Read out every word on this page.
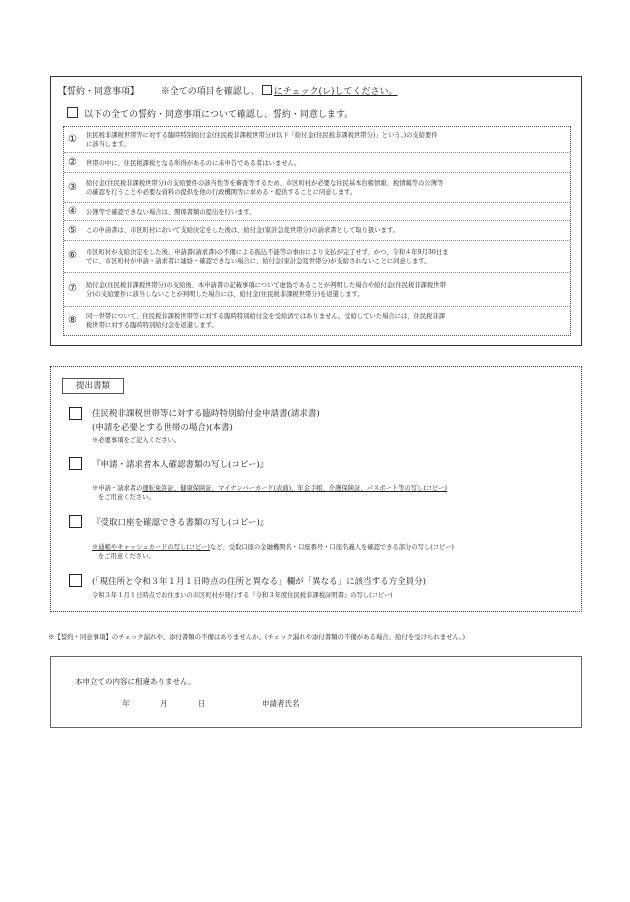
【誓約・同意事項】 ※全ての項目を確認し、 にチェック(レ)してください。
以下の全ての誓約・同意事項について確認し、誓約・同意します。
① 住民税非課税世帯等に対する臨時特別給付金(住民税非課税世帯分)(以下「給付金(住民税非課税世帯分)」という。)の支給要件
に該当します。
② 世帯の中に、住民税課税となる所得があるのに未申告である者はいません。
③ 給付金(住民税非課税世帯分)の支給要件の該当性等を審査等するため、市区町村が必要な住民基本台帳情報、税情報等の公簿等
の確認を行うことや必要な資料の提供を他の行政機関等に求める・提供することに同意します。
④ 公簿等で確認できない場合は、関係書類の提出を行います。
⑤ この申請書は、市区町村において支給決定をした後は、給付金(家計急変世帯分)の請求書として取り扱います。
⑥ 市区町村が支給決定をした後、申請書(請求書)の不備による振込不能等の事由により支払が完了せず、かつ、令和４年9月30日ま
でに、市区町村が申請・請求者に連絡・確認できない場合に、給付金(家計急変世帯分)が支給されないことに同意します。
⑦ 給付金(住民税非課税世帯分)の支給後、本申請書の記載事項について虚偽であることが判明した場合や給付金(住民税非課税世帯
分)の支給要件に該当しないことが判明した場合には、給付金(住民税非課税世帯分)を返還します。
⑧ 同一世帯について、住民税非課税世帯等に対する臨時特別給付金を受給済ではありません。受給していた場合には、住民税非課
税世帯に対する臨時特別給付金を返還します。
提出書類
住民税非課税世帯等に対する臨時特別給付金申請書(請求書)
(申請を必要とする世帯の場合)(本書)
※必要事項をご記入ください。
『申請・請求者本人確認書類の写し(コピー)』
※申請・請求者の運転免許証、健康保険証、マイナンバーカード(表面)、年金手帳、介護保険証、パスポート等の写し(コピー)
をご用意ください。
『受取口座を確認できる書類の写し(コピー)』
※通帳やキャッシュカードの写し(コピー)など、受取口座の金融機関名・口座番号・口座名義人を確認できる部分の写し(コピー)
をご用意ください。
(「現住所と令和３年１月１日時点の住所と異なる」欄が「異なる」に該当する方全員分)
令和３年１月１日時点でお住まいの市区町村が発行する『令和３年度住民税非課税証明書』の写し(コピー)
※【誓約・同意事項】のチェック漏れや、添付書類の不備はありませんか。(チェック漏れや添付書類の不備がある場合、給付を受けられません。)
本申立ての内容に相違ありません。
年	月	日	申請者氏名
